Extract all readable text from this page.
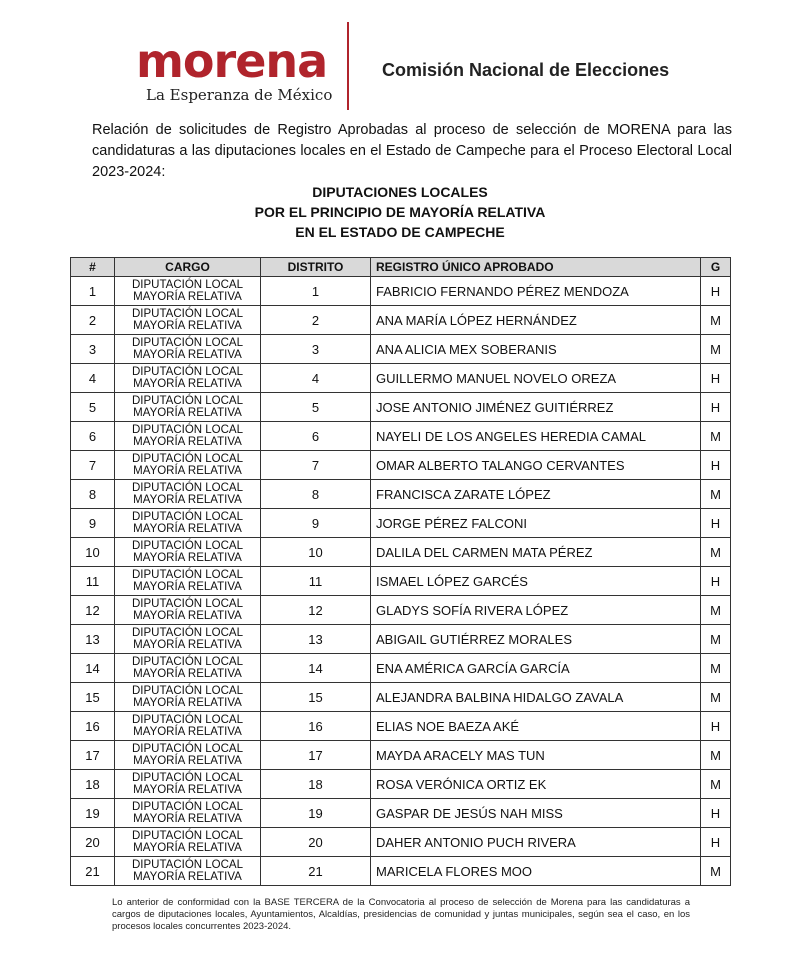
morena
La Esperanza de México
Comisión Nacional de Elecciones

Relación de solicitudes de Registro Aprobadas al proceso de selección de MORENA para las candidaturas a las diputaciones locales en el Estado de Campeche para el Proceso Electoral Local 2023-2024:

DIPUTACIONES LOCALES
POR EL PRINCIPIO DE MAYORÍA RELATIVA
EN EL ESTADO DE CAMPECHE
#	CARGO	DISTRITO	REGISTRO ÚNICO APROBADO	G
1	DIPUTACIÓN LOCAL
MAYORÍA RELATIVA	1	FABRICIO FERNANDO PÉREZ MENDOZA	H
2	DIPUTACIÓN LOCAL
MAYORÍA RELATIVA	2	ANA MARÍA LÓPEZ HERNÁNDEZ	M
3	DIPUTACIÓN LOCAL
MAYORÍA RELATIVA	3	ANA ALICIA MEX SOBERANIS	M
4	DIPUTACIÓN LOCAL
MAYORÍA RELATIVA	4	GUILLERMO MANUEL NOVELO OREZA	H
5	DIPUTACIÓN LOCAL
MAYORÍA RELATIVA	5	JOSE ANTONIO JIMÉNEZ GUITIÉRREZ	H
6	DIPUTACIÓN LOCAL
MAYORÍA RELATIVA	6	NAYELI DE LOS ANGELES HEREDIA CAMAL	M
7	DIPUTACIÓN LOCAL
MAYORÍA RELATIVA	7	OMAR ALBERTO TALANGO CERVANTES	H
8	DIPUTACIÓN LOCAL
MAYORÍA RELATIVA	8	FRANCISCA ZARATE LÓPEZ	M
9	DIPUTACIÓN LOCAL
MAYORÍA RELATIVA	9	JORGE PÉREZ FALCONI	H
10	DIPUTACIÓN LOCAL
MAYORÍA RELATIVA	10	DALILA DEL CARMEN MATA PÉREZ	M
11	DIPUTACIÓN LOCAL
MAYORÍA RELATIVA	11	ISMAEL LÓPEZ GARCÉS	H
12	DIPUTACIÓN LOCAL
MAYORÍA RELATIVA	12	GLADYS SOFÍA RIVERA LÓPEZ	M
13	DIPUTACIÓN LOCAL
MAYORÍA RELATIVA	13	ABIGAIL GUTIÉRREZ MORALES	M
14	DIPUTACIÓN LOCAL
MAYORÍA RELATIVA	14	ENA AMÉRICA GARCÍA GARCÍA	M
15	DIPUTACIÓN LOCAL
MAYORÍA RELATIVA	15	ALEJANDRA BALBINA HIDALGO ZAVALA	M
16	DIPUTACIÓN LOCAL
MAYORÍA RELATIVA	16	ELIAS NOE BAEZA AKÉ	H
17	DIPUTACIÓN LOCAL
MAYORÍA RELATIVA	17	MAYDA ARACELY MAS TUN	M
18	DIPUTACIÓN LOCAL
MAYORÍA RELATIVA	18	ROSA VERÓNICA ORTIZ EK	M
19	DIPUTACIÓN LOCAL
MAYORÍA RELATIVA	19	GASPAR DE JESÚS NAH MISS	H
20	DIPUTACIÓN LOCAL
MAYORÍA RELATIVA	20	DAHER ANTONIO PUCH RIVERA	H
21	DIPUTACIÓN LOCAL
MAYORÍA RELATIVA	21	MARICELA FLORES MOO	M

Lo anterior de conformidad con la BASE TERCERA de la Convocatoria al proceso de selección de Morena para las candidaturas a cargos de diputaciones locales, Ayuntamientos, Alcaldías, presidencias de comunidad y juntas municipales, según sea el caso, en los procesos locales concurrentes 2023-2024.
